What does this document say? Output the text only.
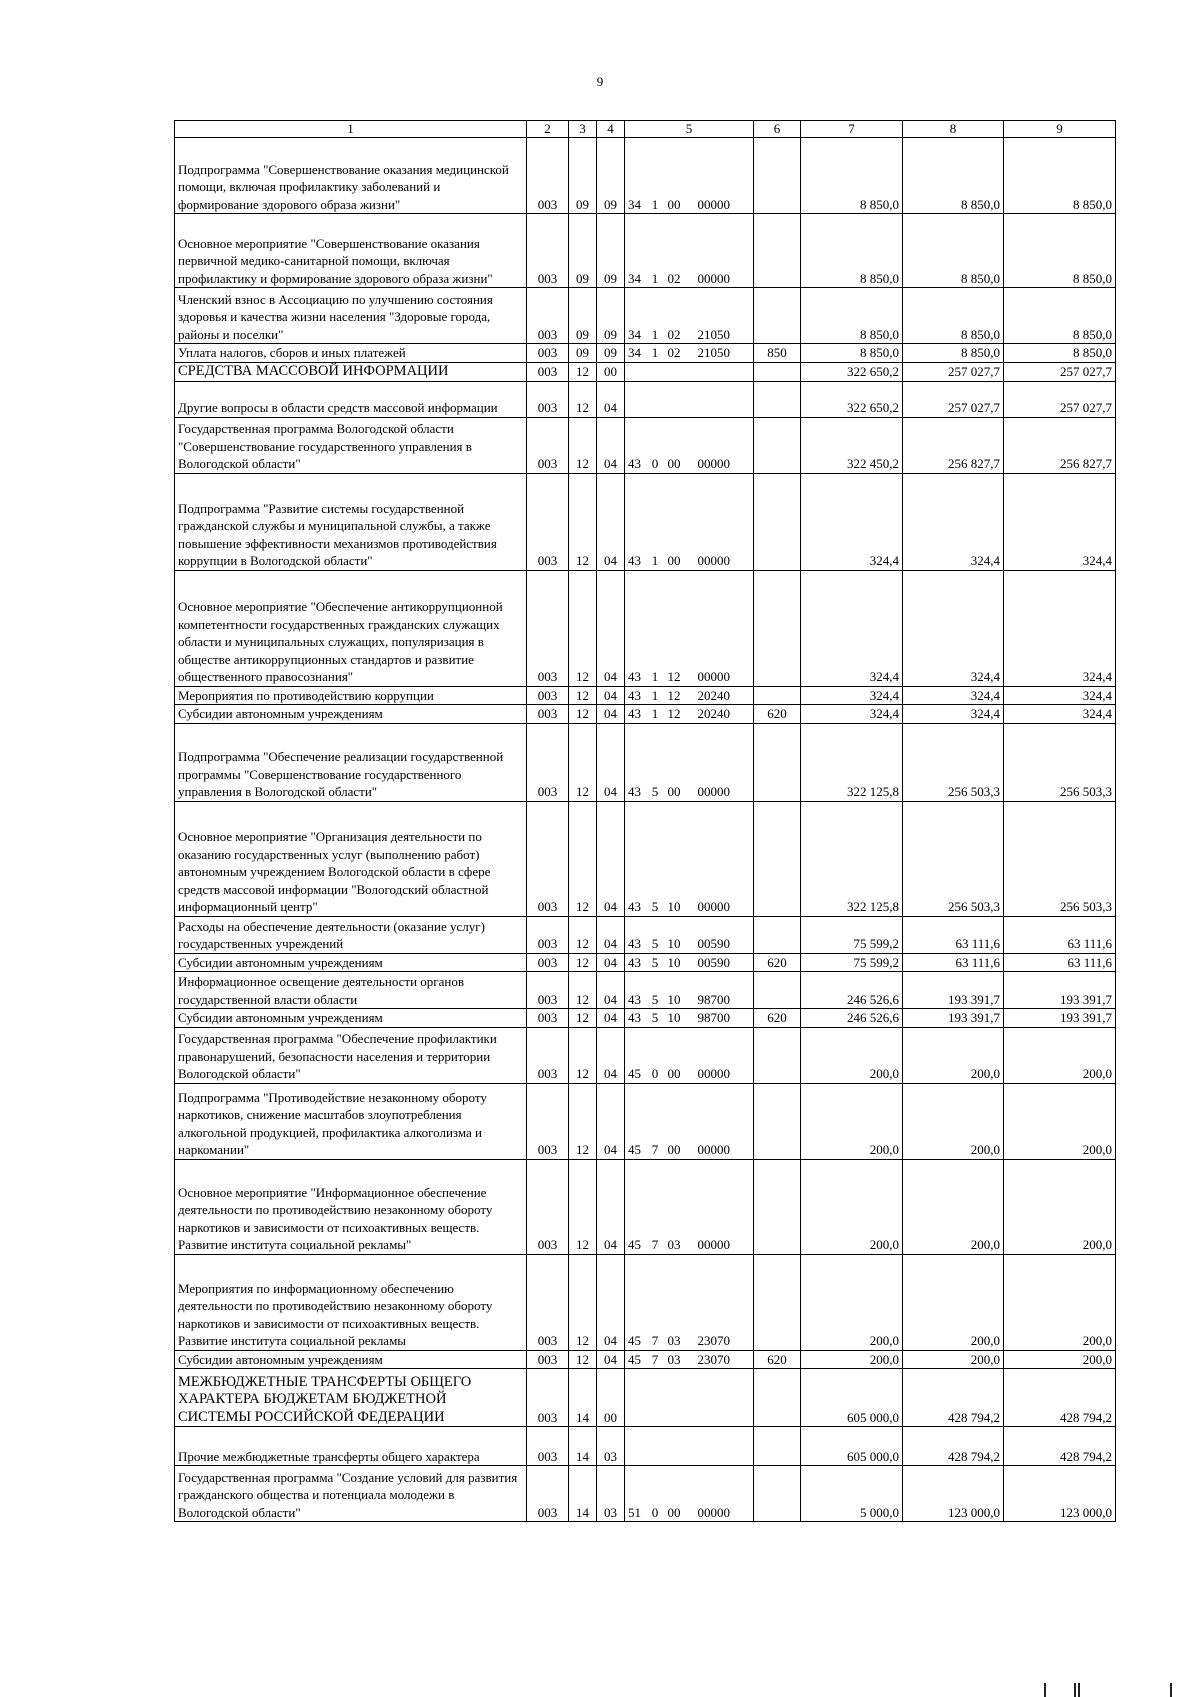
9
1	2	3	4	5	6	7	8	9
Подпрограмма "Совершенствование оказания медицинской помощи, включая профилактику заболеваний и формирование здорового образа жизни"	003	09	09	34 1 00 00000		8 850,0	8 850,0	8 850,0
Основное мероприятие "Совершенствование оказания первичной медико-санитарной помощи, включая профилактику и формирование здорового образа жизни"	003	09	09	34 1 02 00000		8 850,0	8 850,0	8 850,0
Членский взнос в Ассоциацию по улучшению состояния здоровья и качества жизни населения "Здоровые города, районы и поселки"	003	09	09	34 1 02 21050		8 850,0	8 850,0	8 850,0
Уплата налогов, сборов и иных платежей	003	09	09	34 1 02 21050	850	8 850,0	8 850,0	8 850,0
СРЕДСТВА МАССОВОЙ ИНФОРМАЦИИ	003	12	00			322 650,2	257 027,7	257 027,7
Другие вопросы в области средств массовой информации	003	12	04			322 650,2	257 027,7	257 027,7
Государственная программа Вологодской области "Совершенствование государственного управления в Вологодской области"	003	12	04	43 0 00 00000		322 450,2	256 827,7	256 827,7
Подпрограмма "Развитие системы государственной гражданской службы и муниципальной службы, а также повышение эффективности механизмов противодействия коррупции в Вологодской области"	003	12	04	43 1 00 00000		324,4	324,4	324,4
Основное мероприятие "Обеспечение антикоррупционной компетентности государственных гражданских служащих области и муниципальных служащих, популяризация в обществе антикоррупционных стандартов и развитие общественного правосознания"	003	12	04	43 1 12 00000		324,4	324,4	324,4
Мероприятия по противодействию коррупции	003	12	04	43 1 12 20240		324,4	324,4	324,4
Субсидии автономным учреждениям	003	12	04	43 1 12 20240	620	324,4	324,4	324,4
Подпрограмма "Обеспечение реализации государственной программы "Совершенствование государственного управления в Вологодской области"	003	12	04	43 5 00 00000		322 125,8	256 503,3	256 503,3
Основное мероприятие "Организация деятельности по оказанию государственных услуг (выполнению работ) автономным учреждением Вологодской области в сфере средств массовой информации "Вологодский областной информационный центр"	003	12	04	43 5 10 00000		322 125,8	256 503,3	256 503,3
Расходы на обеспечение деятельности (оказание услуг) государственных учреждений	003	12	04	43 5 10 00590		75 599,2	63 111,6	63 111,6
Субсидии автономным учреждениям	003	12	04	43 5 10 00590	620	75 599,2	63 111,6	63 111,6
Информационное освещение деятельности органов государственной власти области	003	12	04	43 5 10 98700		246 526,6	193 391,7	193 391,7
Субсидии автономным учреждениям	003	12	04	43 5 10 98700	620	246 526,6	193 391,7	193 391,7
Государственная программа "Обеспечение профилактики правонарушений, безопасности населения и территории Вологодской области"	003	12	04	45 0 00 00000		200,0	200,0	200,0
Подпрограмма "Противодействие незаконному обороту наркотиков, снижение масштабов злоупотребления алкогольной продукцией, профилактика алкоголизма и наркомании"	003	12	04	45 7 00 00000		200,0	200,0	200,0
Основное мероприятие "Информационное обеспечение деятельности по противодействию незаконному обороту наркотиков и зависимости от психоактивных веществ. Развитие института социальной рекламы"	003	12	04	45 7 03 00000		200,0	200,0	200,0
Мероприятия по информационному обеспечению деятельности по противодействию незаконному обороту наркотиков и зависимости от психоактивных веществ. Развитие института социальной рекламы	003	12	04	45 7 03 23070		200,0	200,0	200,0
Субсидии автономным учреждениям	003	12	04	45 7 03 23070	620	200,0	200,0	200,0
МЕЖБЮДЖЕТНЫЕ ТРАНСФЕРТЫ ОБЩЕГО ХАРАКТЕРА БЮДЖЕТАМ БЮДЖЕТНОЙ СИСТЕМЫ РОССИЙСКОЙ ФЕДЕРАЦИИ	003	14	00			605 000,0	428 794,2	428 794,2
Прочие межбюджетные трансферты общего характера	003	14	03			605 000,0	428 794,2	428 794,2
Государственная программа "Создание условий для развития гражданского общества и потенциала молодежи в Вологодской области"	003	14	03	51 0 00 00000		5 000,0	123 000,0	123 000,0
